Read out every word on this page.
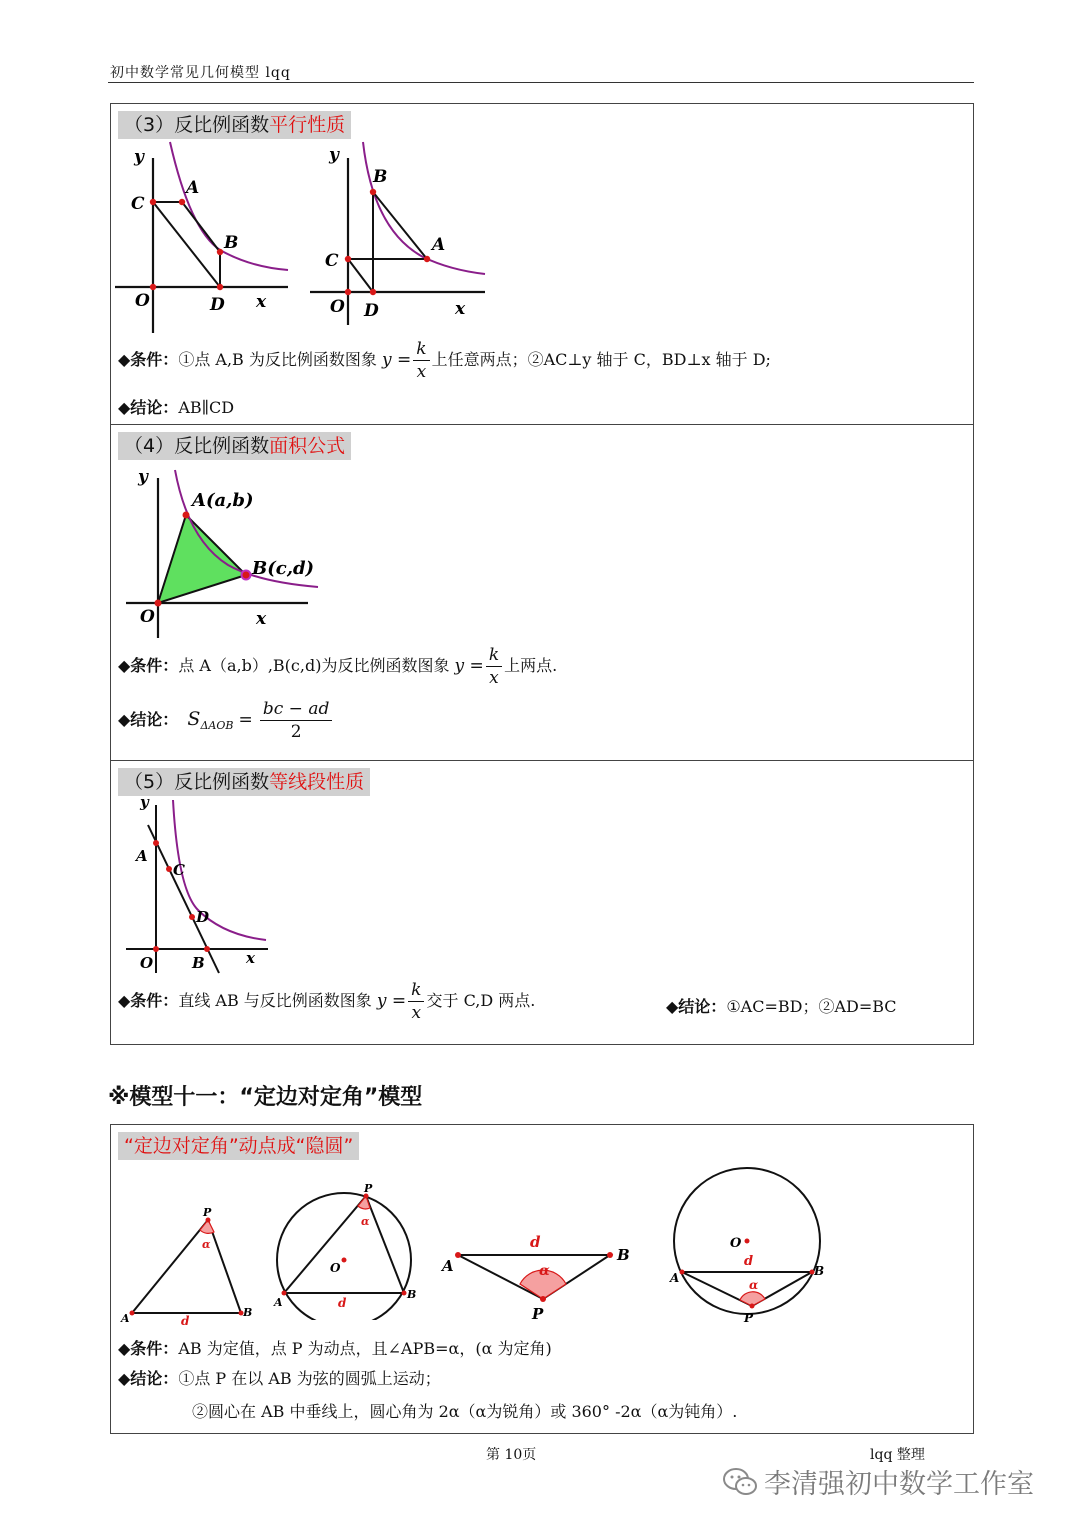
初中数学常见几何模型 lqq
（3）反比例函数平行性质
y
x
O
C
A
B
D
y
x
O
C
B
A
D
◆条件：①点 A,B 为反比例函数图象 $y = \frac{k}{x}$ 上任意两点；②AC⊥y 轴于 C，BD⊥x 轴于 D;
◆结论：AB∥CD
（4）反比例函数面积公式
y
x
O
A(a,b)
B(c,d)
◆条件：点 A（a,b）,B(c,d)为反比例函数图象 $y = \frac{k}{x}$ 上两点.
◆结论： $S_{\Delta AOB} = \frac{bc - ad}{2}$
（5）反比例函数等线段性质
y
x
O
A
C
D
B
◆条件：直线 AB 与反比例函数图象 $y = \frac{k}{x}$ 交于 C,D 两点.	◆结论：①AC=BD；②AD=BC
※模型十一：“定边对定角”模型
“定边对定角”动点成“隐圆”
P
α
A	B
d
P
α
O
A
B
d
A
B
P
d
α
O
d
A	B
α
P
◆条件：AB 为定值，点 P 为动点，且∠APB=α，(α 为定角)
◆结论：①点 P 在以 AB 为弦的圆弧上运动；
②圆心在 AB 中垂线上，圆心角为 2α（α为锐角）或 360° -2α（α为钝角）.
第 10页	lqq 整理
李清强初中数学工作室
